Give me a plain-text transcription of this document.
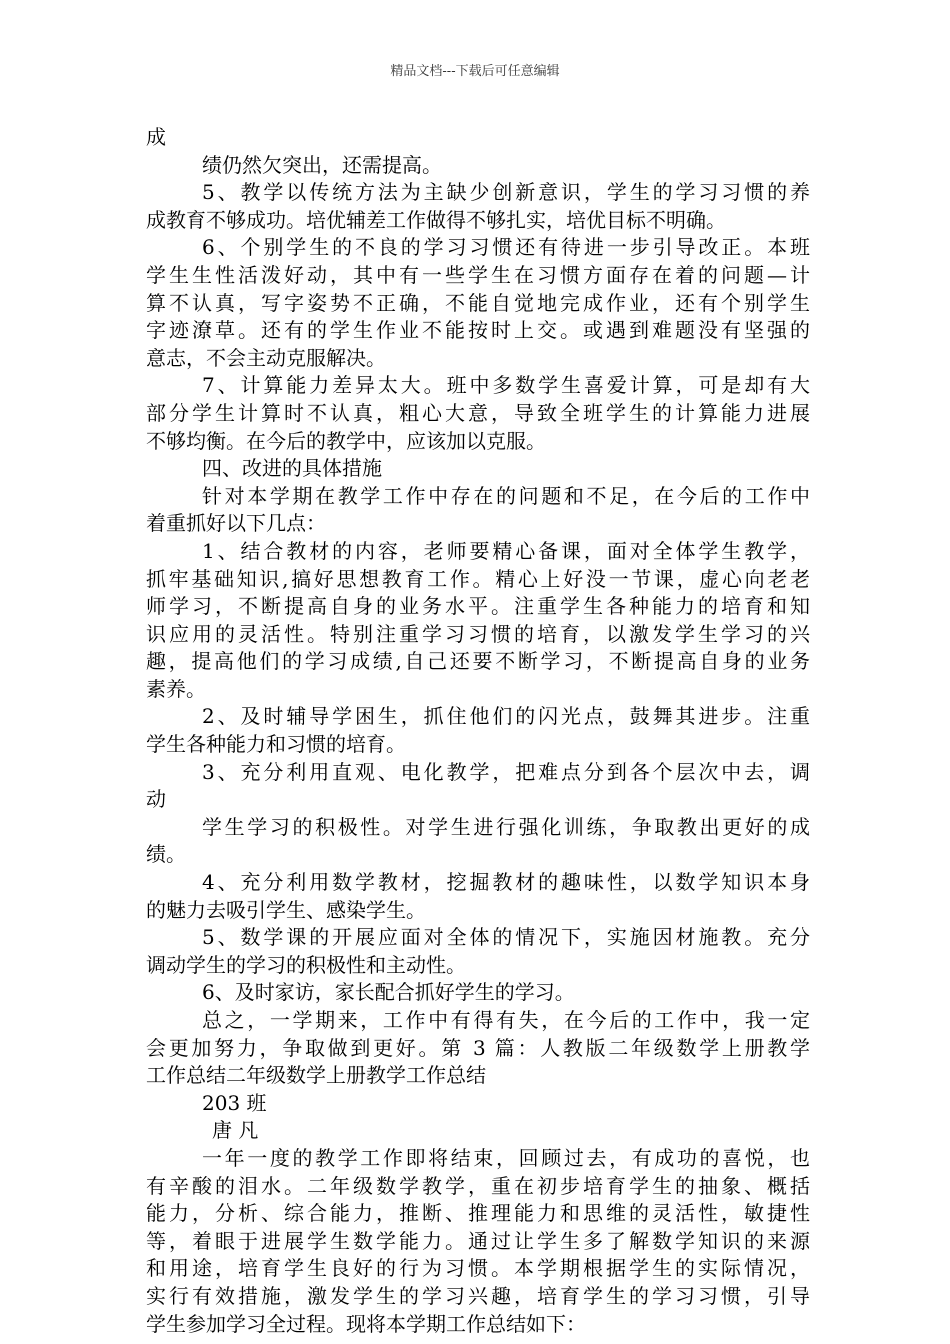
精品文档---下载后可任意编辑
成
绩仍然欠突出，还需提高。
5、教学以传统方法为主缺少创新意识，学生的学习习惯的养
成教育不够成功。培优辅差工作做得不够扎实，培优目标不明确。
6、个别学生的不良的学习习惯还有待进一步引导改正。本班
学生生性活泼好动，其中有一些学生在习惯方面存在着的问题—计
算不认真，写字姿势不正确，不能自觉地完成作业，还有个别学生
字迹潦草。还有的学生作业不能按时上交。或遇到难题没有坚强的
意志，不会主动克服解决。
7、计算能力差异太大。班中多数学生喜爱计算，可是却有大
部分学生计算时不认真，粗心大意，导致全班学生的计算能力进展
不够均衡。在今后的教学中，应该加以克服。
四、改进的具体措施
针对本学期在教学工作中存在的问题和不足，在今后的工作中
着重抓好以下几点：
1、结合教材的内容，老师要精心备课，面对全体学生教学，
抓牢基础知识,搞好思想教育工作。精心上好没一节课，虚心向老老
师学习，不断提高自身的业务水平。注重学生各种能力的培育和知
识应用的灵活性。特别注重学习习惯的培育，以激发学生学习的兴
趣，提高他们的学习成绩,自己还要不断学习，不断提高自身的业务
素养。
2、及时辅导学困生，抓住他们的闪光点，鼓舞其进步。注重
学生各种能力和习惯的培育。
3、充分利用直观、电化教学，把难点分到各个层次中去，调
动
学生学习的积极性。对学生进行强化训练，争取教出更好的成
绩。
4、充分利用数学教材，挖掘教材的趣味性，以数学知识本身
的魅力去吸引学生、感染学生。
5、数学课的开展应面对全体的情况下，实施因材施教。充分
调动学生的学习的积极性和主动性。
6、及时家访，家长配合抓好学生的学习。
总之，一学期来，工作中有得有失，在今后的工作中，我一定
会更加努力，争取做到更好。第 3 篇：人教版二年级数学上册教学
工作总结二年级数学上册教学工作总结
203 班
唐 凡
一年一度的教学工作即将结束，回顾过去，有成功的喜悦，也
有辛酸的泪水。二年级数学教学，重在初步培育学生的抽象、概括
能力，分析、综合能力，推断、推理能力和思维的灵活性，敏捷性
等，着眼于进展学生数学能力。通过让学生多了解数学知识的来源
和用途，培育学生良好的行为习惯。本学期根据学生的实际情况，
实行有效措施，激发学生的学习兴趣，培育学生的学习习惯，引导
学生参加学习全过程。现将本学期工作总结如下：
